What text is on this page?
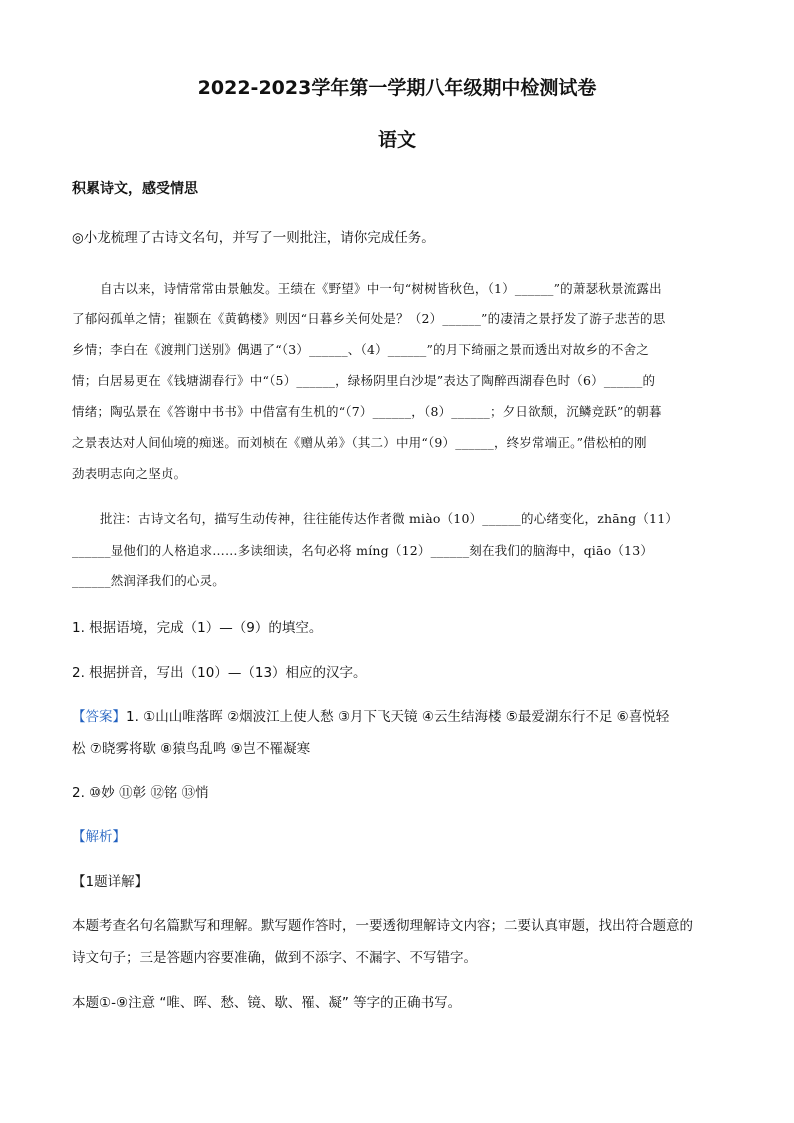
2022-2023学年第一学期八年级期中检测试卷
语文
积累诗文，感受情思
◎小龙梳理了古诗文名句，并写了一则批注，请你完成任务。
自古以来，诗情常常由景触发。王绩在《野望》中一句“树树皆秋色，（1）______”的萧瑟秋景流露出
了郁闷孤单之情；崔颢在《黄鹤楼》则因“日暮乡关何处是？（2）______”的凄清之景抒发了游子悲苦的思
乡情；李白在《渡荆门送别》偶遇了“（3）______、（4）______”的月下绮丽之景而透出对故乡的不舍之
情；白居易更在《钱塘湖春行》中“（5）______，绿杨阴里白沙堤”表达了陶醉西湖春色时（6）______的
情绪；陶弘景在《答谢中书书》中借富有生机的“（7）______，（8）______；夕日欲颓，沉鳞竞跃”的朝暮
之景表达对人间仙境的痴迷。而刘桢在《赠从弟》（其二）中用“（9）______，终岁常端正。”借松柏的刚
劲表明志向之坚贞。
批注：古诗文名句，描写生动传神，往往能传达作者微 miào（10）______的心绪变化，zhāng（11）
______显他们的人格追求……多读细读，名句必将 míng（12）______刻在我们的脑海中，qiāo（13）
______然润泽我们的心灵。
1. 根据语境，完成（1）—（9）的填空。
2. 根据拼音，写出（10）—（13）相应的汉字。
【答案】1. ①山山唯落晖 ②烟波江上使人愁 ③月下飞天镜 ④云生结海楼 ⑤最爱湖东行不足 ⑥喜悦轻
松 ⑦晓雾将歇 ⑧猿鸟乱鸣 ⑨岂不罹凝寒
2. ⑩妙 ⑪彰 ⑫铭 ⑬悄
【解析】
【1题详解】
本题考查名句名篇默写和理解。默写题作答时，一要透彻理解诗文内容；二要认真审题，找出符合题意的
诗文句子；三是答题内容要准确，做到不添字、不漏字、不写错字。
本题①-⑨注意 “唯、晖、愁、镜、歇、罹、凝” 等字的正确书写。
